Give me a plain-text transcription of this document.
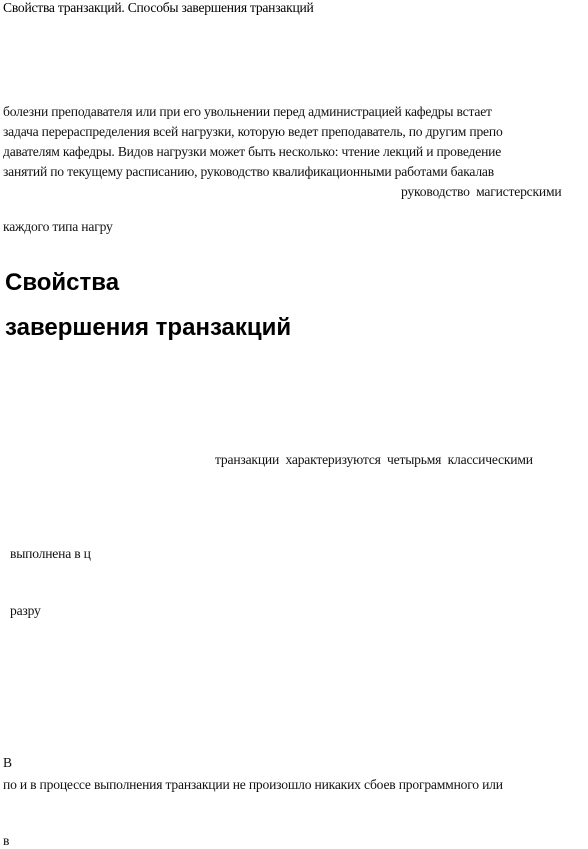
Свойства транзакций. Способы завершения транзакций
болезни преподавателя или при его увольнении перед администрацией кафедры встает
задача перераспределения всей нагрузки, которую ведет преподаватель, по другим препо
давателям кафедры. Видов нагрузки может быть несколько: чтение лекций и проведение
занятий по текущему расписанию, руководство квалификационными работами бакалав
руководство  магистерскими
каждого типа нагру
Свойства
завершения транзакций
транзакции  характеризуются  четырьмя  классическими
выполнена в ц
разру
В
по и в процессе выполнения транзакции не произошло никаких сбоев программного или
в
